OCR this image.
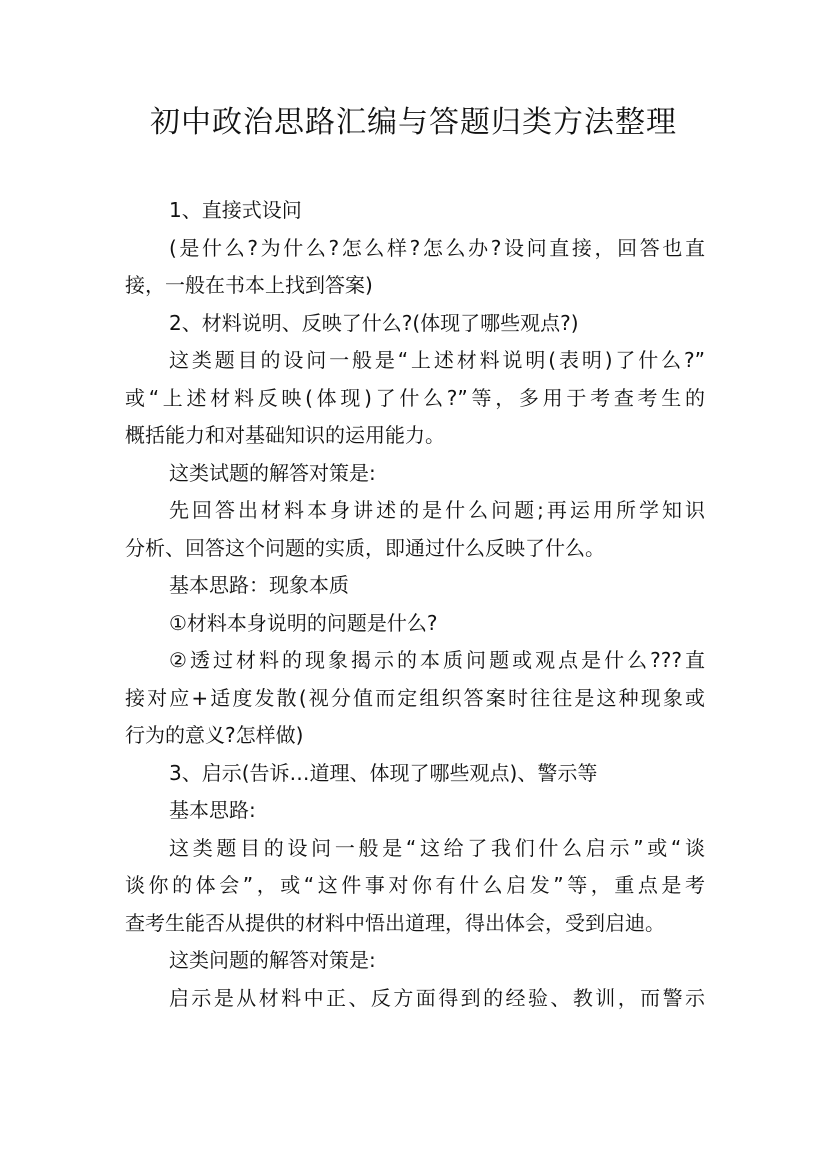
初中政治思路汇编与答题归类方法整理
1、直接式设问
(是什么?为什么?怎么样?怎么办?设问直接，回答也直
接，一般在书本上找到答案)
2、材料说明、反映了什么?(体现了哪些观点?)
这类题目的设问一般是“上述材料说明(表明)了什么?”
或“上述材料反映(体现)了什么?”等，多用于考查考生的
概括能力和对基础知识的运用能力。
这类试题的解答对策是:
先回答出材料本身讲述的是什么问题;再运用所学知识
分析、回答这个问题的实质，即通过什么反映了什么。
基本思路：现象本质
①材料本身说明的问题是什么?
②透过材料的现象揭示的本质问题或观点是什么???直
接对应+适度发散(视分值而定组织答案时往往是这种现象或
行为的意义?怎样做)
3、启示(告诉…道理、体现了哪些观点)、警示等
基本思路:
这类题目的设问一般是“这给了我们什么启示”或“谈
谈你的体会”，或“这件事对你有什么启发”等，重点是考
查考生能否从提供的材料中悟出道理，得出体会，受到启迪。
这类问题的解答对策是:
启示是从材料中正、反方面得到的经验、教训，而警示
